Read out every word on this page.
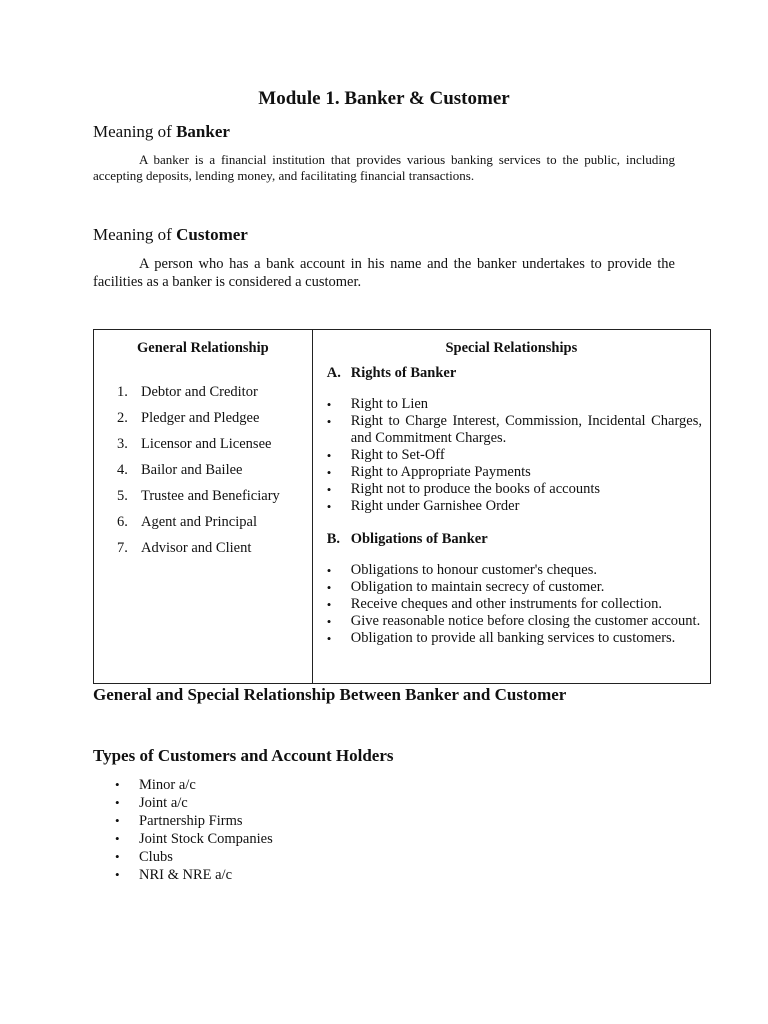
Module 1. Banker & Customer

Meaning of Banker

A banker is a financial institution that provides various banking services to the public, including accepting deposits, lending money, and facilitating financial transactions.

Meaning of Customer

A person who has a bank account in his name and the banker undertakes to provide the facilities as a banker is considered a customer.

General Relationship
1. Debtor and Creditor
2. Pledger and Pledgee
3. Licensor and Licensee
4. Bailor and Bailee
5. Trustee and Beneficiary
6. Agent and Principal
7. Advisor and Client

Special Relationships
A. Rights of Banker
•	Right to Lien
•	Right to Charge Interest, Commission, Incidental Charges, and Commitment Charges.
•	Right to Set-Off
•	Right to Appropriate Payments
•	Right not to produce the books of accounts
•	Right under Garnishee Order
B. Obligations of Banker
•	Obligations to honour customer's cheques.
•	Obligation to maintain secrecy of customer.
•	Receive cheques and other instruments for collection.
•	Give reasonable notice before closing the customer account.
•	Obligation to provide all banking services to customers.

General and Special Relationship Between Banker and Customer

Types of Customers and Account Holders

•	Minor a/c
•	Joint a/c
•	Partnership Firms
•	Joint Stock Companies
•	Clubs
•	NRI & NRE a/c
